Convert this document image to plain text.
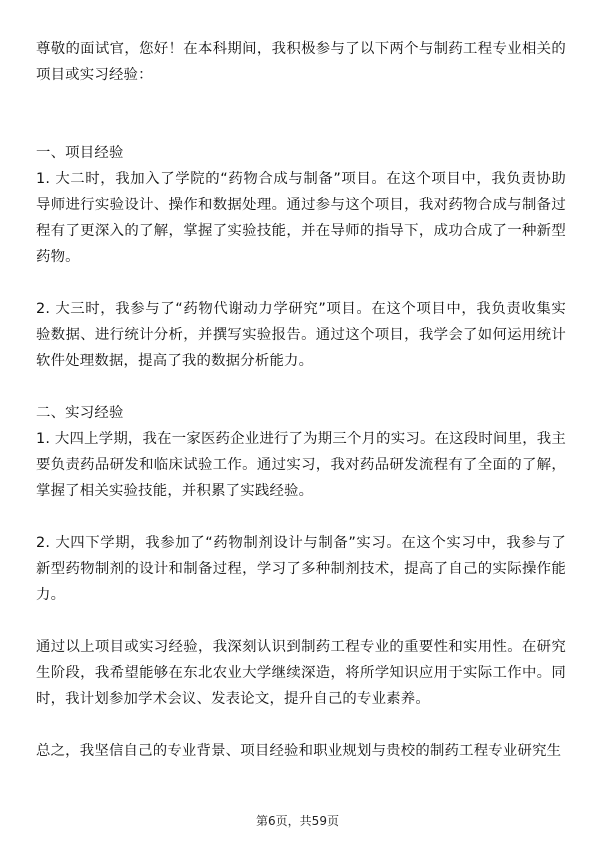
尊敬的面试官，您好！在本科期间，我积极参与了以下两个与制药工程专业相关的项目或实习经验：

一、项目经验

1. 大二时，我加入了学院的“药物合成与制备”项目。在这个项目中，我负责协助导师进行实验设计、操作和数据处理。通过参与这个项目，我对药物合成与制备过程有了更深入的了解，掌握了实验技能，并在导师的指导下，成功合成了一种新型药物。

2. 大三时，我参与了“药物代谢动力学研究”项目。在这个项目中，我负责收集实验数据、进行统计分析，并撰写实验报告。通过这个项目，我学会了如何运用统计软件处理数据，提高了我的数据分析能力。

二、实习经验

1. 大四上学期，我在一家医药企业进行了为期三个月的实习。在这段时间里，我主要负责药品研发和临床试验工作。通过实习，我对药品研发流程有了全面的了解，掌握了相关实验技能，并积累了实践经验。

2. 大四下学期，我参加了“药物制剂设计与制备”实习。在这个实习中，我参与了新型药物制剂的设计和制备过程，学习了多种制剂技术，提高了自己的实际操作能力。

通过以上项目或实习经验，我深刻认识到制药工程专业的重要性和实用性。在研究生阶段，我希望能够在东北农业大学继续深造，将所学知识应用于实际工作中。同时，我计划参加学术会议、发表论文，提升自己的专业素养。

总之，我坚信自己的专业背景、项目经验和职业规划与贵校的制药工程专业研究生

第6页，共59页
